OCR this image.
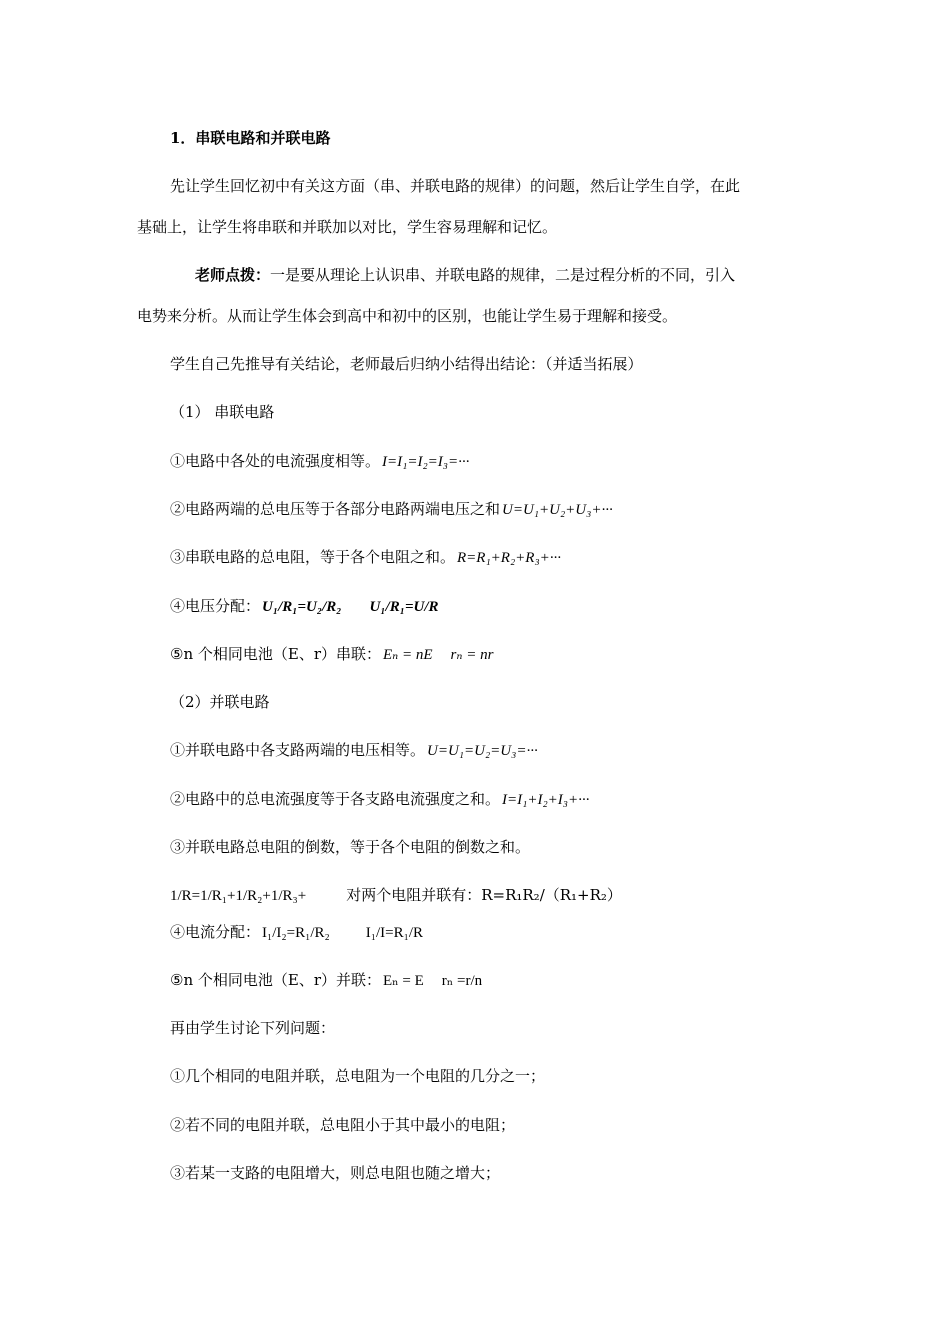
1．串联电路和并联电路
先让学生回忆初中有关这方面（串、并联电路的规律）的问题，然后让学生自学，在此
基础上，让学生将串联和并联加以对比，学生容易理解和记忆。
老师点拨：一是要从理论上认识串、并联电路的规律，二是过程分析的不同，引入
电势来分析。从而让学生体会到高中和初中的区别，也能让学生易于理解和接受。
学生自己先推导有关结论，老师最后归纳小结得出结论：（并适当拓展）
（1） 串联电路
①电路中各处的电流强度相等。 I=I₁=I₂=I₃=···
②电路两端的总电压等于各部分电路两端电压之和 U=U₁+U₂+U₃+···
③串联电路的总电阻，等于各个电阻之和。 R=R₁+R₂+R₃+···
④电压分配： U₁/R₁=U₂/R₂ U₁/R₁=U/R
⑤n 个相同电池（E、r）串联： Eₙ = nE rₙ = nr
（2）并联电路
①并联电路中各支路两端的电压相等。 U=U₁=U₂=U₃=···
②电路中的总电流强度等于各支路电流强度之和。 I=I₁+I₂+I₃+···
③并联电路总电阻的倒数，等于各个电阻的倒数之和。
1/R=1/R₁+1/R₂+1/R₃+	对两个电阻并联有：R=R₁R₂/（R₁+R₂）
④电流分配： I₁/I₂=R₁/R₂ I₁/I=R₁/R
⑤n 个相同电池（E、r）并联： Eₙ = E rₙ =r/n
再由学生讨论下列问题：
①几个相同的电阻并联，总电阻为一个电阻的几分之一；
②若不同的电阻并联，总电阻小于其中最小的电阻；
③若某一支路的电阻增大，则总电阻也随之增大；
